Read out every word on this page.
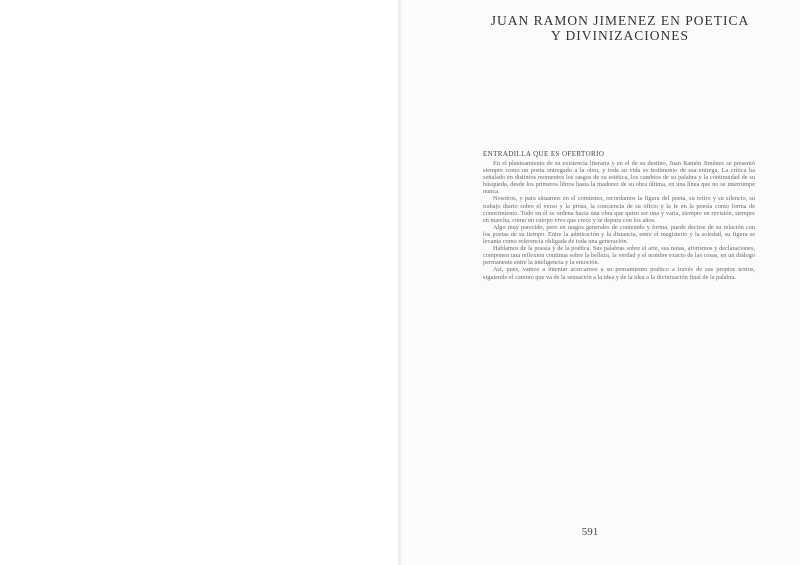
JUAN RAMON JIMENEZ EN POETICA
Y DIVINIZACIONES
ENTRADILLA QUE ES OFERTORIO

En el planteamiento de su existencia literaria y en el de su destino, Juan Ramón Jiménez se presentó siempre como un poeta entregado a la obra, y toda su vida es testimonio de esa entrega. La crítica ha señalado en distintos momentos los rasgos de su estética, los cambios de su palabra y la continuidad de su búsqueda, desde los primeros libros hasta la madurez de su obra última, en una línea que no se interrumpe nunca.

Nosotros, y para situarnos en el comienzo, recordamos la figura del poeta, su retiro y su silencio, su trabajo diario sobre el verso y la prosa, la conciencia de su oficio y la fe en la poesía como forma de conocimiento. Todo en él se ordena hacia una obra que quiso ser una y varia, siempre en revisión, siempre en marcha, como un cuerpo vivo que crece y se depura con los años.

Algo muy parecido, pero en rasgos generales de contenido y forma, puede decirse de su relación con los poetas de su tiempo. Entre la admiración y la distancia, entre el magisterio y la soledad, su figura se levanta como referencia obligada de toda una generación.

Hablamos de la poesía y de la poética. Sus palabras sobre el arte, sus notas, aforismos y declaraciones, componen una reflexión continua sobre la belleza, la verdad y el nombre exacto de las cosas, en un diálogo permanente entre la inteligencia y la emoción.

Así, pues, vamos a intentar acercarnos a su pensamiento poético a través de sus propios textos, siguiendo el camino que va de la sensación a la idea y de la idea a la divinización final de la palabra.

591
